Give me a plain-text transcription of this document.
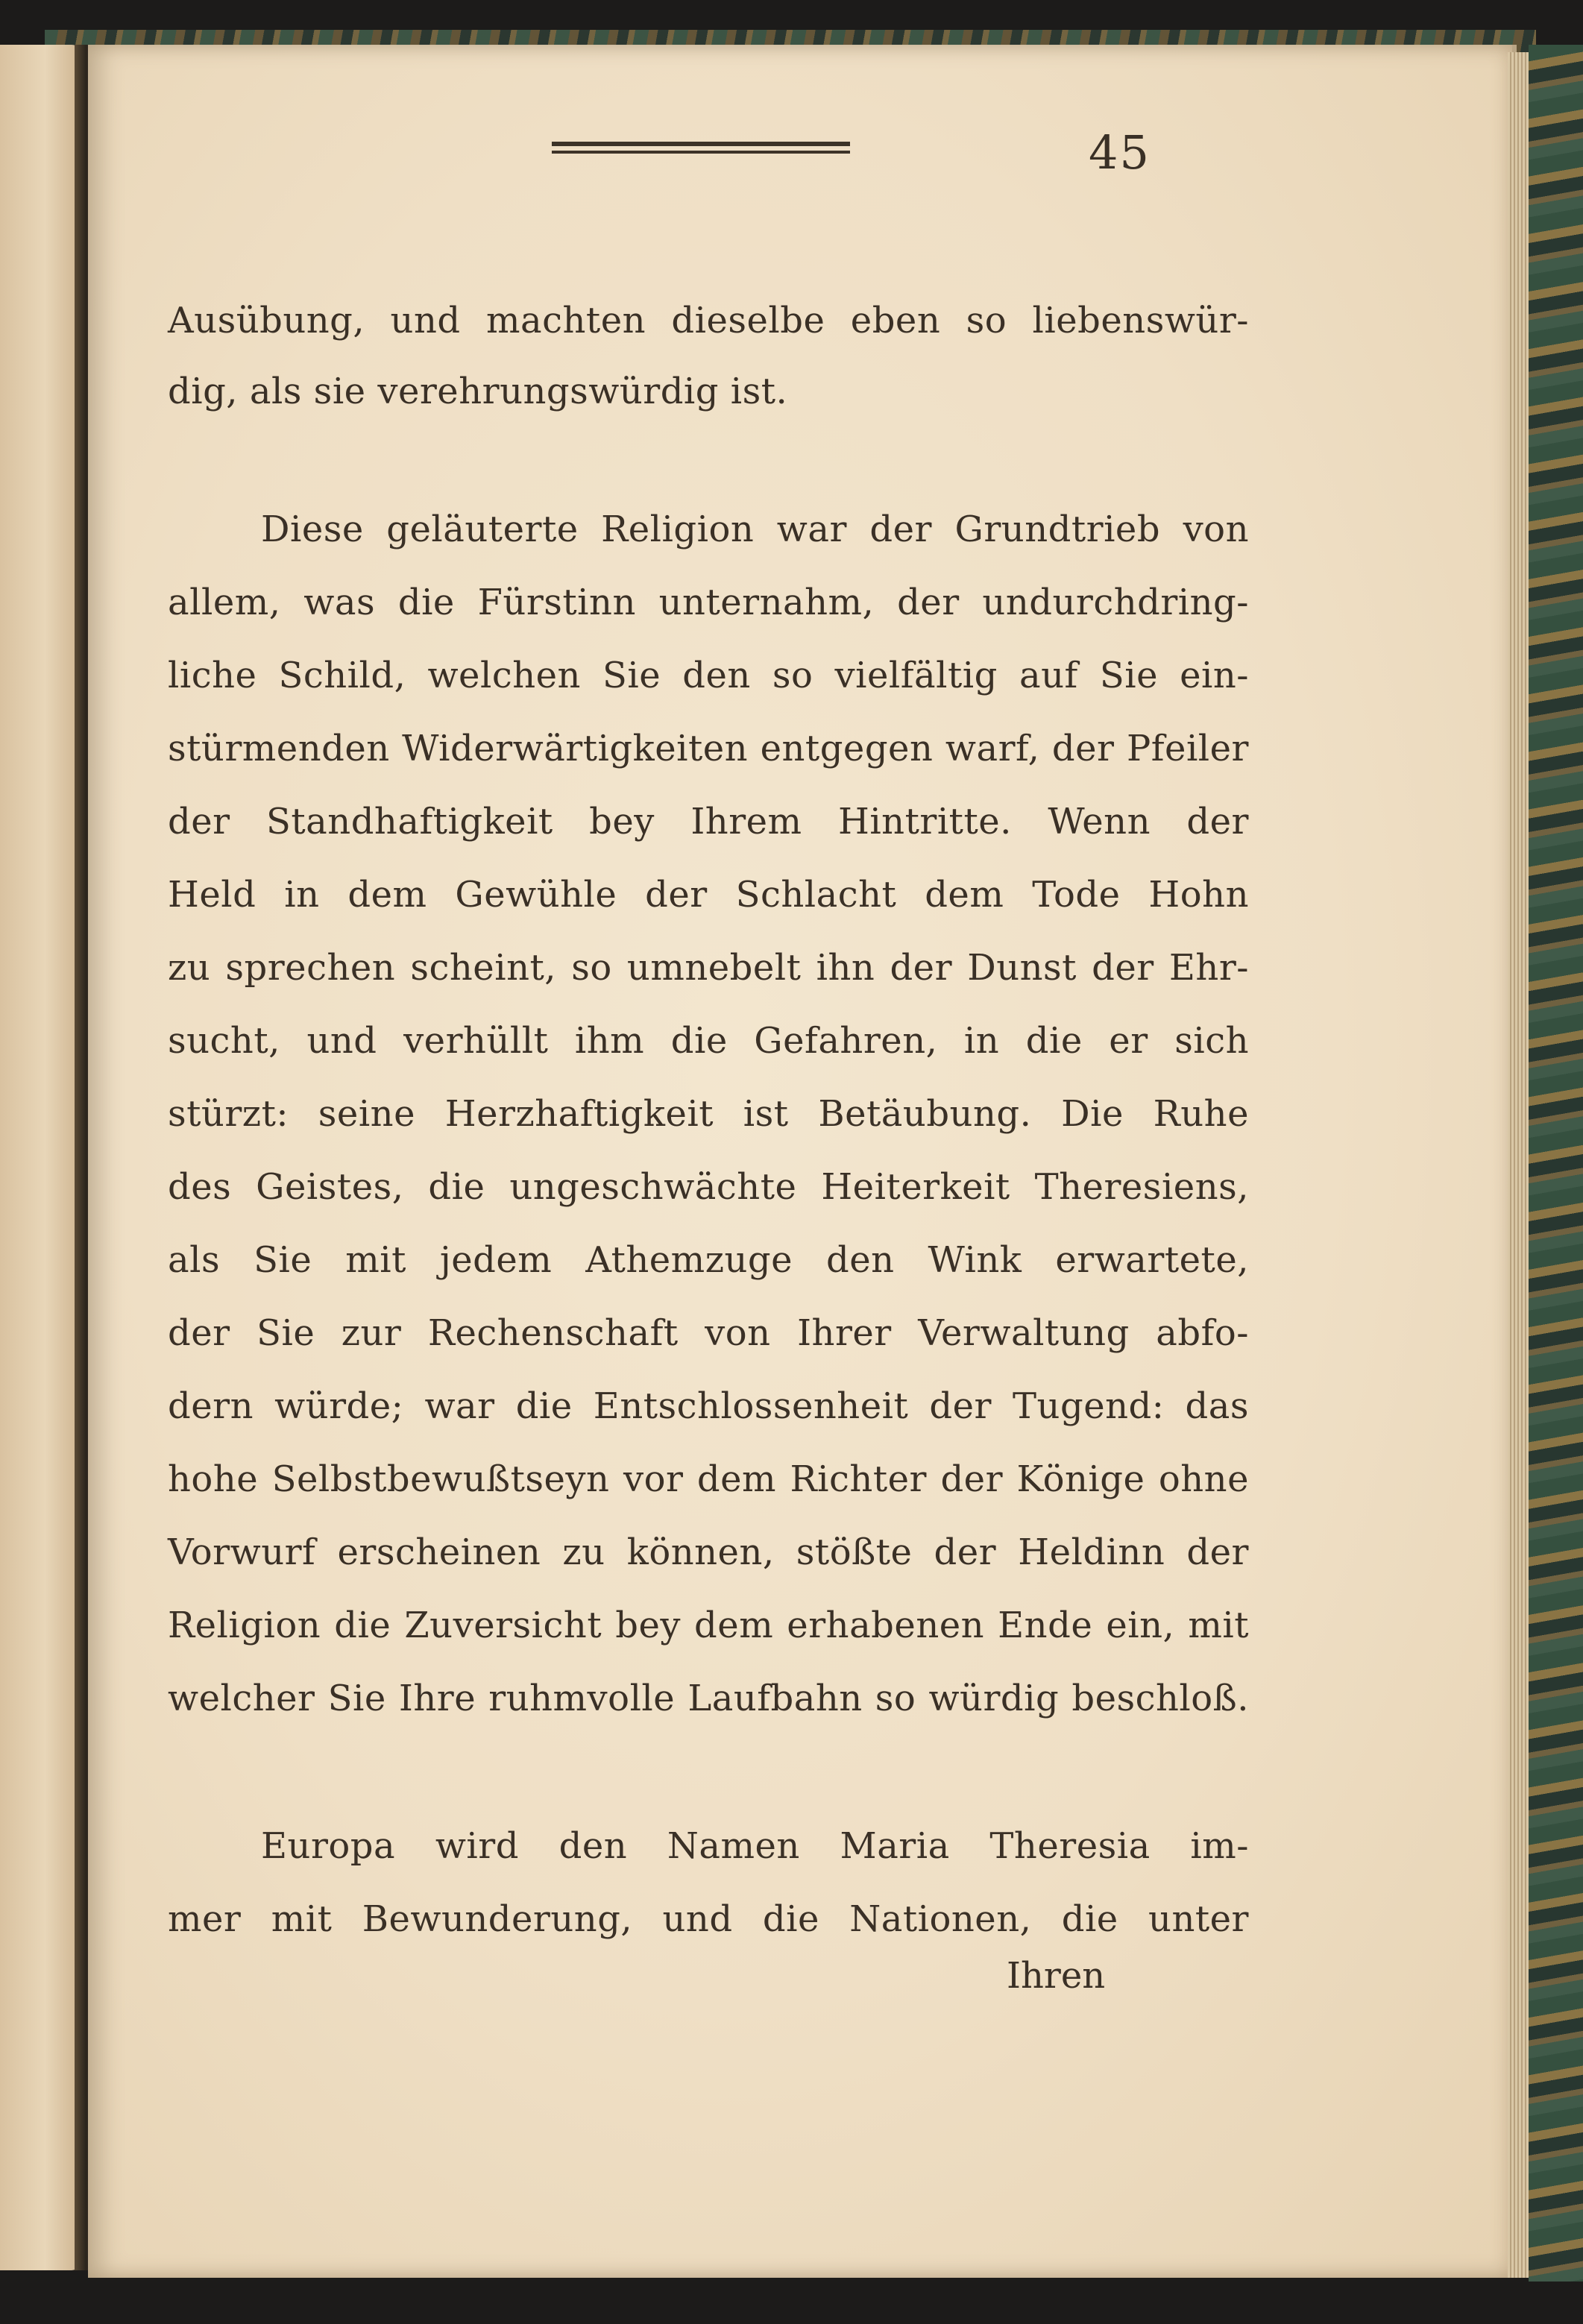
45
Ausübung, und machten dieselbe eben so liebenswür-
dig, als sie verehrungswürdig ist.
Diese geläuterte Religion war der Grundtrieb von
allem, was die Fürstinn unternahm, der undurchdring-
liche Schild, welchen Sie den so vielfältig auf Sie ein-
stürmenden Widerwärtigkeiten entgegen warf, der Pfeiler
der Standhaftigkeit bey Ihrem Hintritte. Wenn der
Held in dem Gewühle der Schlacht dem Tode Hohn
zu sprechen scheint, so umnebelt ihn der Dunst der Ehr-
sucht, und verhüllt ihm die Gefahren, in die er sich
stürzt: seine Herzhaftigkeit ist Betäubung. Die Ruhe
des Geistes, die ungeschwächte Heiterkeit Theresiens,
als Sie mit jedem Athemzuge den Wink erwartete,
der Sie zur Rechenschaft von Ihrer Verwaltung abfo-
dern würde; war die Entschlossenheit der Tugend: das
hohe Selbstbewußtseyn vor dem Richter der Könige ohne
Vorwurf erscheinen zu können, stößte der Heldinn der
Religion die Zuversicht bey dem erhabenen Ende ein, mit
welcher Sie Ihre ruhmvolle Laufbahn so würdig beschloß.
Europa wird den Namen Maria Theresia im-
mer mit Bewunderung, und die Nationen, die unter
Ihren
